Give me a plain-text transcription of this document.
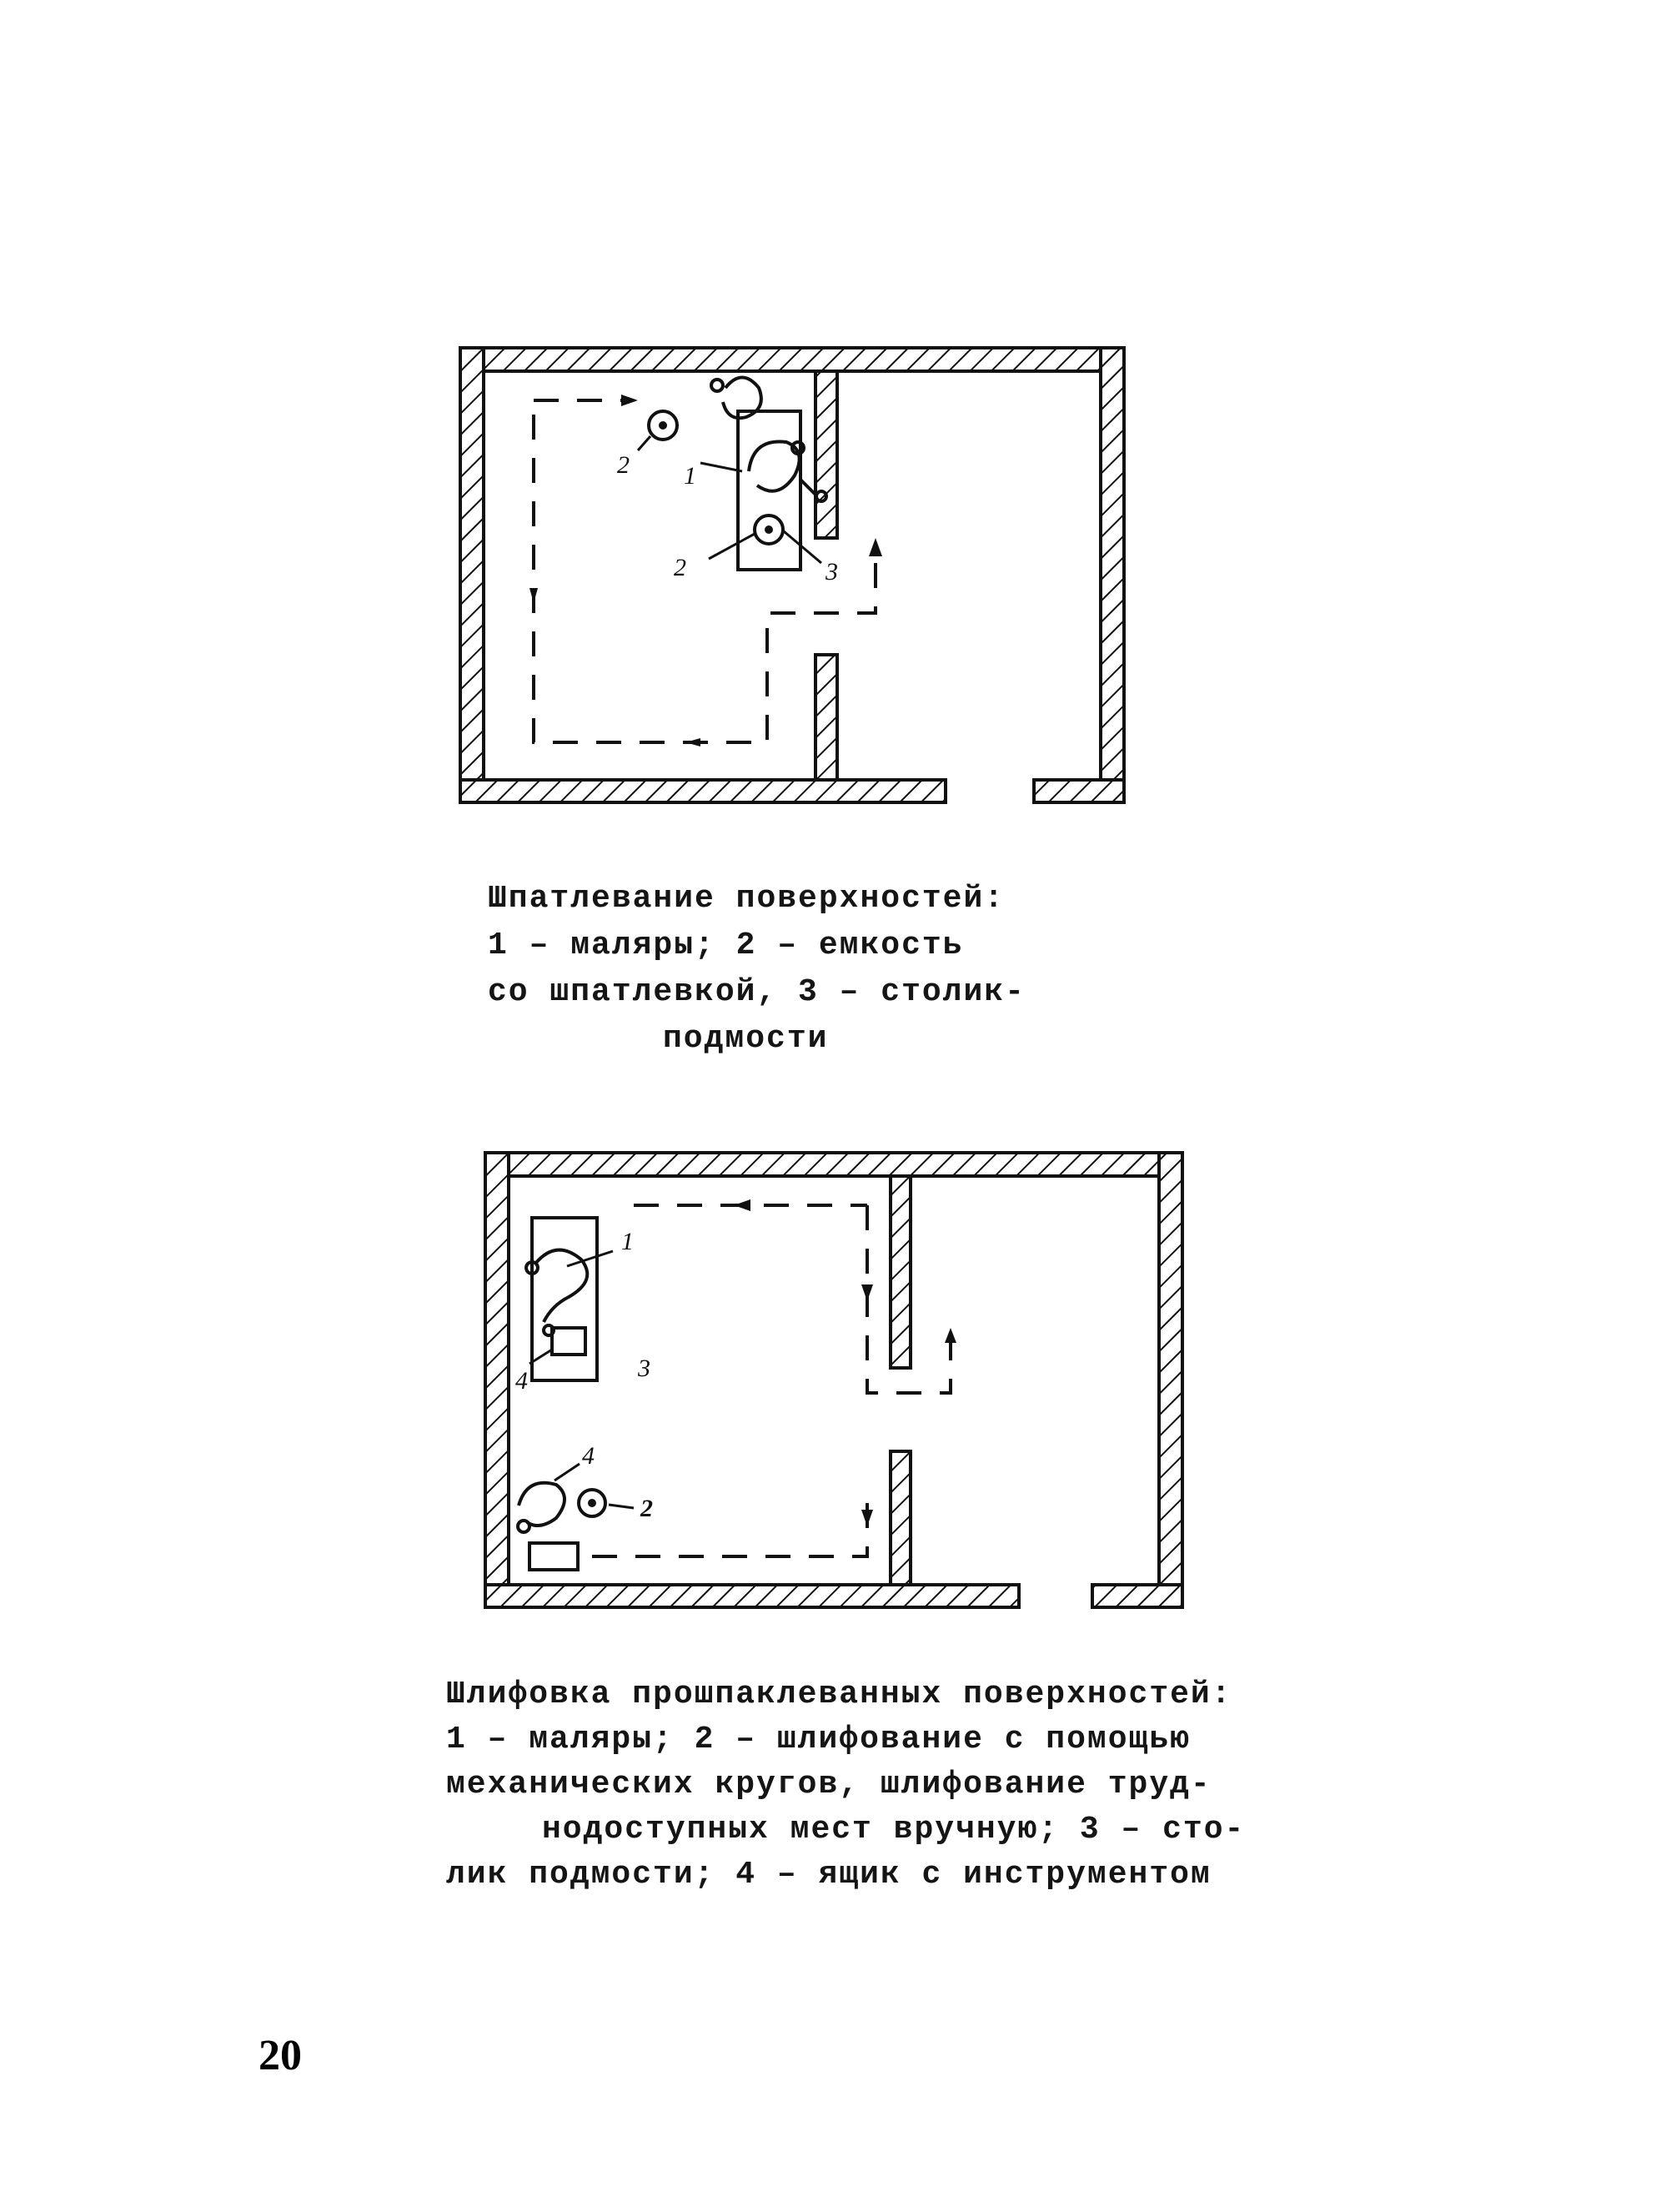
2 1
2	3
Шпатлевание поверхностей:
1 – маляры; 2 – емкость
со шпатлевкой, 3 – столик-
подмости
1
3
4
4
2
Шлифовка прошпаклеванных поверхностей:
1 – маляры; 2 – шлифование с помощью
механических кругов, шлифование труд-
нодоступных мест вручную; 3 – сто-
лик подмости; 4 – ящик с инструментом
20
